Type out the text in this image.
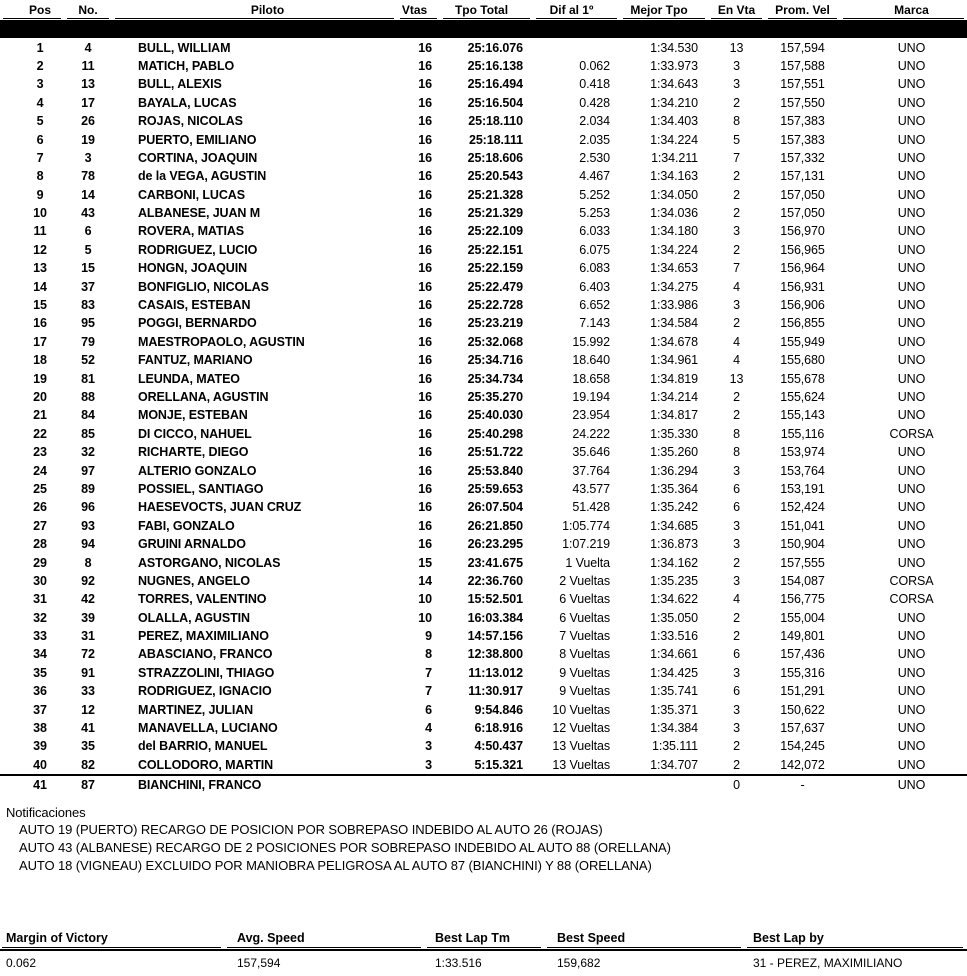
Pos	No.	Piloto	Vtas	Tpo Total	Dif al 1º	Mejor Tpo	En Vta	Prom. Vel	Marca

1	4	BULL, WILLIAM	16	25:16.076		1:34.530	13	157,594	UNO
2	11	MATICH, PABLO	16	25:16.138	0.062	1:33.973	3	157,588	UNO
3	13	BULL, ALEXIS	16	25:16.494	0.418	1:34.643	3	157,551	UNO
4	17	BAYALA, LUCAS	16	25:16.504	0.428	1:34.210	2	157,550	UNO
5	26	ROJAS, NICOLAS	16	25:18.110	2.034	1:34.403	8	157,383	UNO
6	19	PUERTO, EMILIANO	16	25:18.111	2.035	1:34.224	5	157,383	UNO
7	3	CORTINA, JOAQUIN	16	25:18.606	2.530	1:34.211	7	157,332	UNO
8	78	de la VEGA, AGUSTIN	16	25:20.543	4.467	1:34.163	2	157,131	UNO
9	14	CARBONI, LUCAS	16	25:21.328	5.252	1:34.050	2	157,050	UNO
10	43	ALBANESE, JUAN M	16	25:21.329	5.253	1:34.036	2	157,050	UNO
11	6	ROVERA, MATIAS	16	25:22.109	6.033	1:34.180	3	156,970	UNO
12	5	RODRIGUEZ, LUCIO	16	25:22.151	6.075	1:34.224	2	156,965	UNO
13	15	HONGN, JOAQUIN	16	25:22.159	6.083	1:34.653	7	156,964	UNO
14	37	BONFIGLIO, NICOLAS	16	25:22.479	6.403	1:34.275	4	156,931	UNO
15	83	CASAIS, ESTEBAN	16	25:22.728	6.652	1:33.986	3	156,906	UNO
16	95	POGGI, BERNARDO	16	25:23.219	7.143	1:34.584	2	156,855	UNO
17	79	MAESTROPAOLO, AGUSTIN	16	25:32.068	15.992	1:34.678	4	155,949	UNO
18	52	FANTUZ, MARIANO	16	25:34.716	18.640	1:34.961	4	155,680	UNO
19	81	LEUNDA, MATEO	16	25:34.734	18.658	1:34.819	13	155,678	UNO
20	88	ORELLANA, AGUSTIN	16	25:35.270	19.194	1:34.214	2	155,624	UNO
21	84	MONJE, ESTEBAN	16	25:40.030	23.954	1:34.817	2	155,143	UNO
22	85	DI CICCO, NAHUEL	16	25:40.298	24.222	1:35.330	8	155,116	CORSA
23	32	RICHARTE, DIEGO	16	25:51.722	35.646	1:35.260	8	153,974	UNO
24	97	ALTERIO GONZALO	16	25:53.840	37.764	1:36.294	3	153,764	UNO
25	89	POSSIEL, SANTIAGO	16	25:59.653	43.577	1:35.364	6	153,191	UNO
26	96	HAESEVOCTS, JUAN CRUZ	16	26:07.504	51.428	1:35.242	6	152,424	UNO
27	93	FABI, GONZALO	16	26:21.850	1:05.774	1:34.685	3	151,041	UNO
28	94	GRUINI ARNALDO	16	26:23.295	1:07.219	1:36.873	3	150,904	UNO
29	8	ASTORGANO, NICOLAS	15	23:41.675	1 Vuelta	1:34.162	2	157,555	UNO
30	92	NUGNES, ANGELO	14	22:36.760	2 Vueltas	1:35.235	3	154,087	CORSA
31	42	TORRES, VALENTINO	10	15:52.501	6 Vueltas	1:34.622	4	156,775	CORSA
32	39	OLALLA, AGUSTIN	10	16:03.384	6 Vueltas	1:35.050	2	155,004	UNO
33	31	PEREZ, MAXIMILIANO	9	14:57.156	7 Vueltas	1:33.516	2	149,801	UNO
34	72	ABASCIANO, FRANCO	8	12:38.800	8 Vueltas	1:34.661	6	157,436	UNO
35	91	STRAZZOLINI, THIAGO	7	11:13.012	9 Vueltas	1:34.425	3	155,316	UNO
36	33	RODRIGUEZ, IGNACIO	7	11:30.917	9 Vueltas	1:35.741	6	151,291	UNO
37	12	MARTINEZ, JULIAN	6	9:54.846	10 Vueltas	1:35.371	3	150,622	UNO
38	41	MANAVELLA, LUCIANO	4	6:18.916	12 Vueltas	1:34.384	3	157,637	UNO
39	35	del BARRIO, MANUEL	3	4:50.437	13 Vueltas	1:35.111	2	154,245	UNO
40	82	COLLODORO, MARTIN	3	5:15.321	13 Vueltas	1:34.707	2	142,072	UNO
41	87	BIANCHINI, FRANCO					0	-	UNO
Notificaciones
AUTO 19 (PUERTO) RECARGO DE POSICION POR SOBREPASO INDEBIDO AL AUTO 26 (ROJAS)
AUTO 43 (ALBANESE) RECARGO DE 2 POSICIONES POR SOBREPASO INDEBIDO AL AUTO 88 (ORELLANA)
AUTO 18 (VIGNEAU) EXCLUIDO POR MANIOBRA PELIGROSA AL AUTO 87 (BIANCHINI) Y 88 (ORELLANA)
Margin of Victory	Avg. Speed	Best Lap Tm	Best Speed	Best Lap by

0.062	157,594	1:33.516	159,682	31 - PEREZ, MAXIMILIANO
